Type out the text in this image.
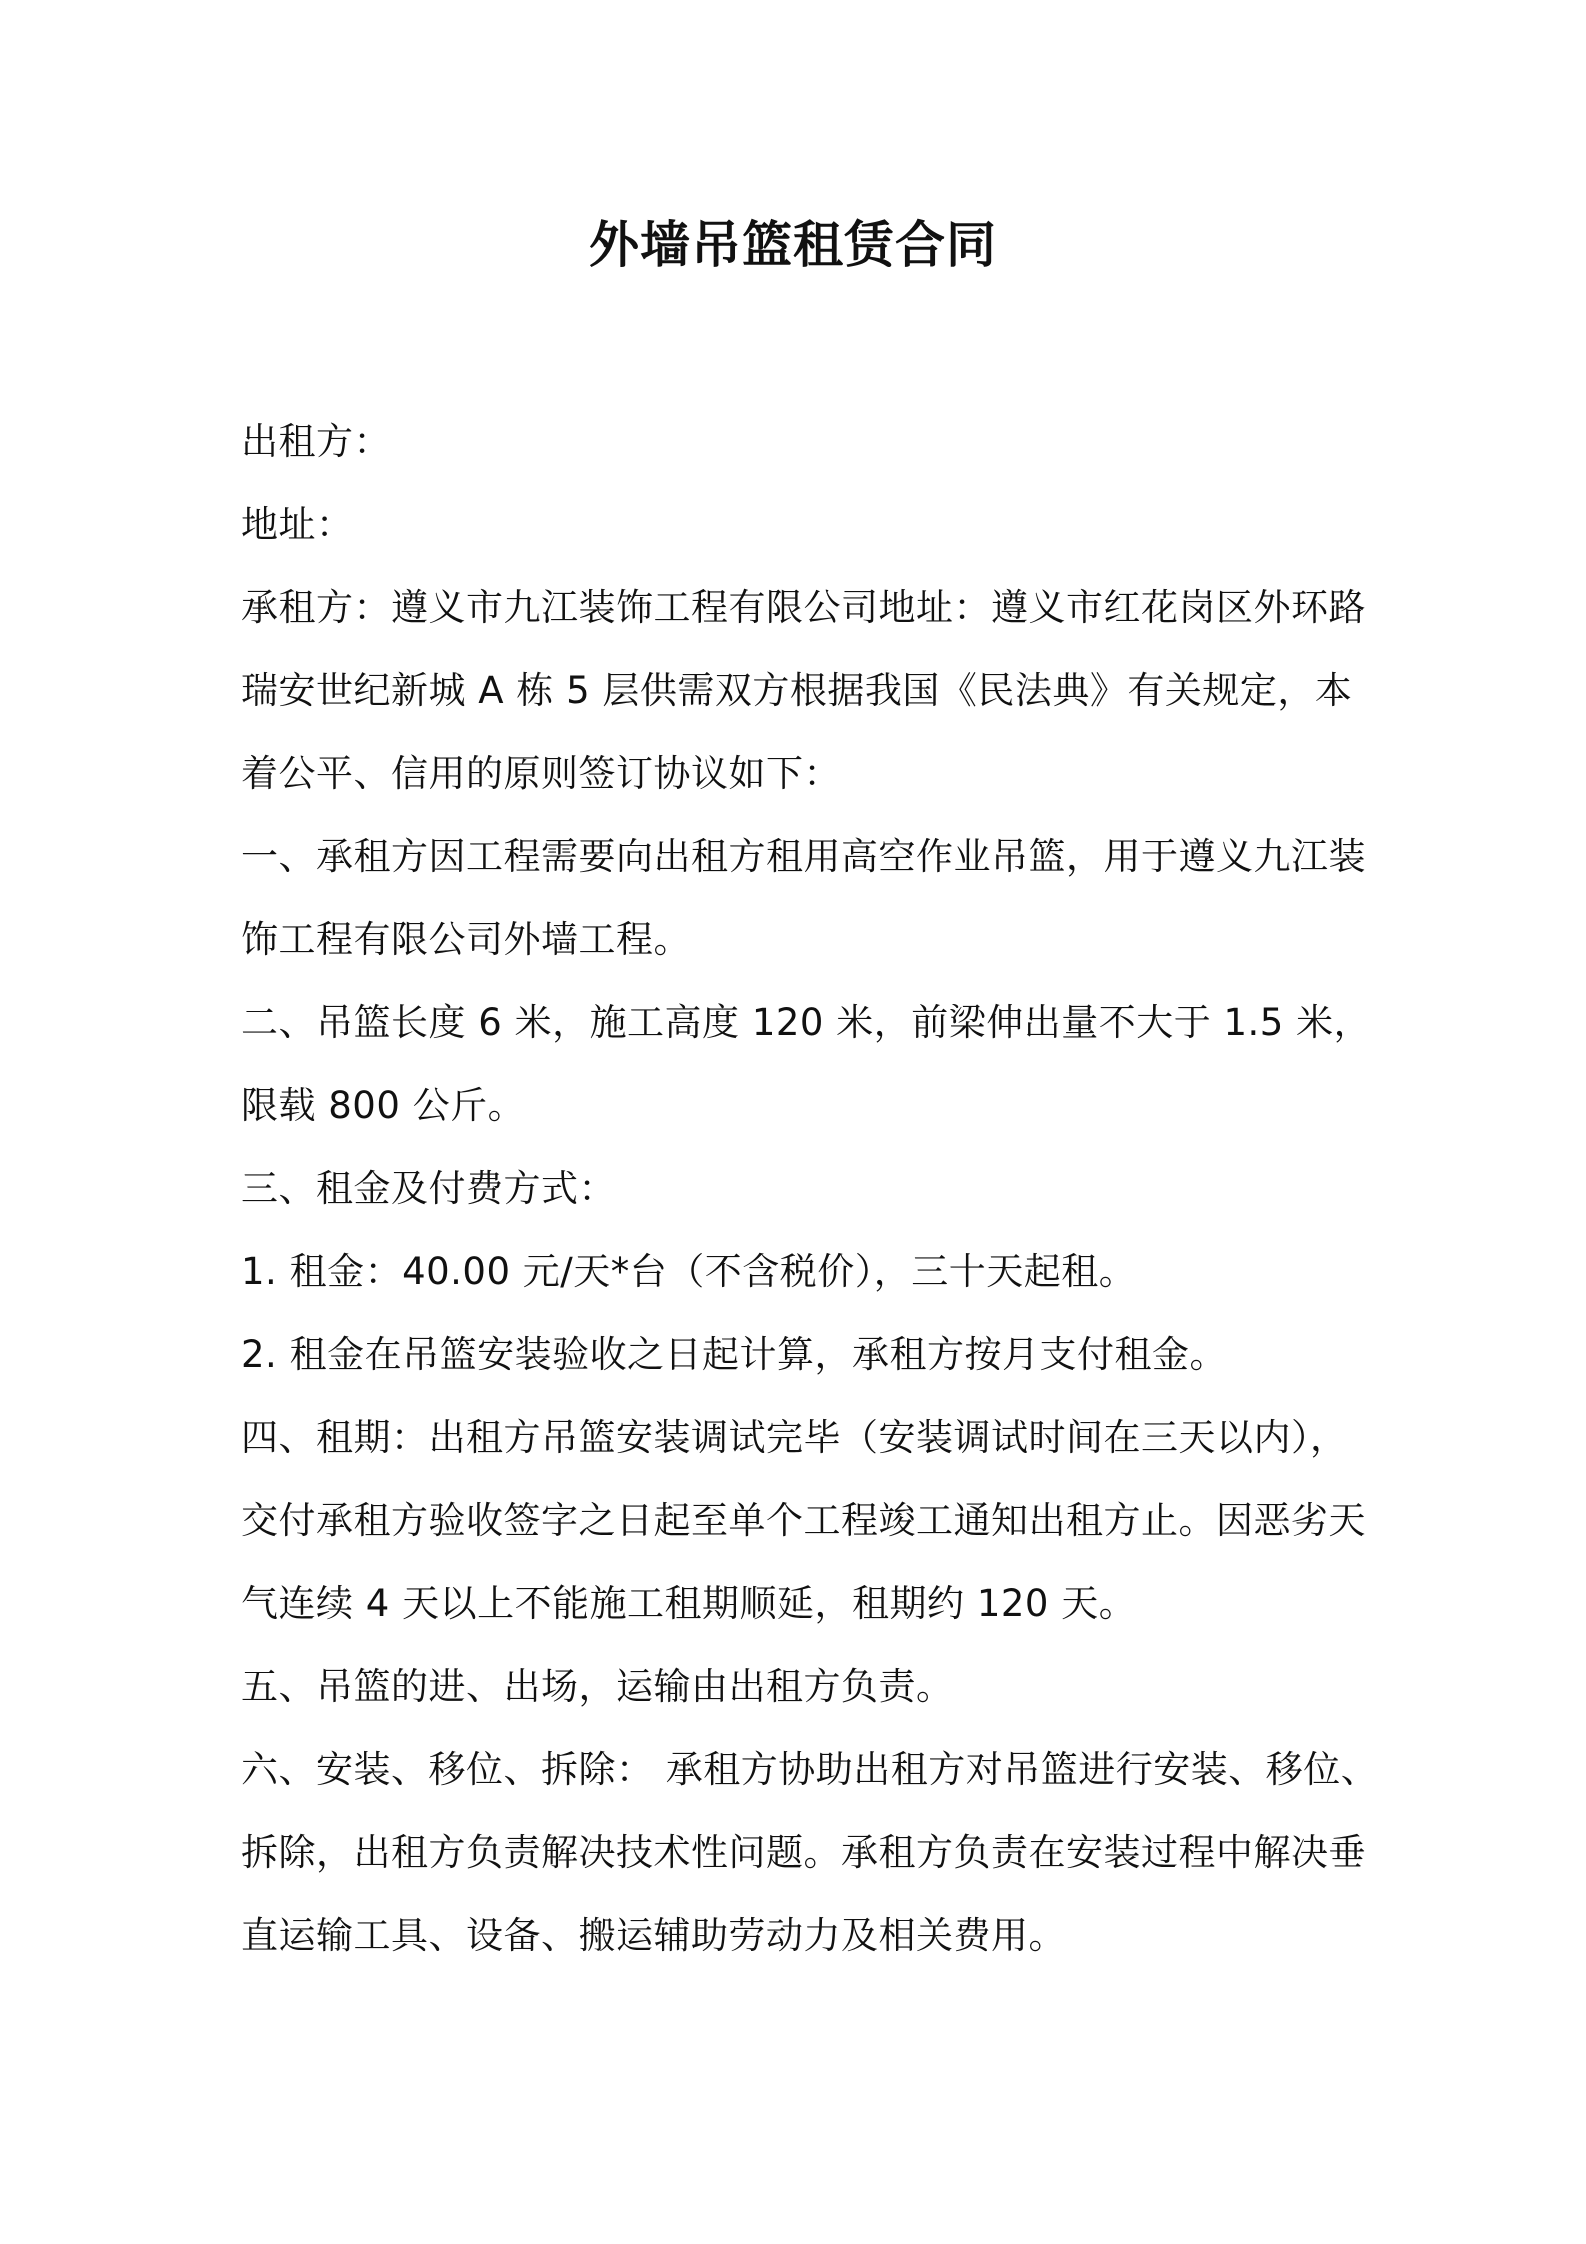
外墙吊篮租赁合同
出租方：
地址：
承租方：遵义市九江装饰工程有限公司地址：遵义市红花岗区外环路
瑞安世纪新城 A 栋 5 层供需双方根据我国《民法典》有关规定，本
着公平、信用的原则签订协议如下：
一、承租方因工程需要向出租方租用高空作业吊篮，用于遵义九江装
饰工程有限公司外墙工程。
二、吊篮长度 6 米，施工高度 120 米，前梁伸出量不大于 1.5 米，
限载 800 公斤。
三、租金及付费方式：
1. 租金：40.00 元/天*台（不含税价），三十天起租。
2. 租金在吊篮安装验收之日起计算，承租方按月支付租金。
四、租期：出租方吊篮安装调试完毕（安装调试时间在三天以内），
交付承租方验收签字之日起至单个工程竣工通知出租方止。因恶劣天
气连续 4 天以上不能施工租期顺延，租期约 120 天。
五、吊篮的进、出场，运输由出租方负责。
六、安装、移位、拆除： 承租方协助出租方对吊篮进行安装、移位、
拆除，出租方负责解决技术性问题。承租方负责在安装过程中解决垂
直运输工具、设备、搬运辅助劳动力及相关费用。
